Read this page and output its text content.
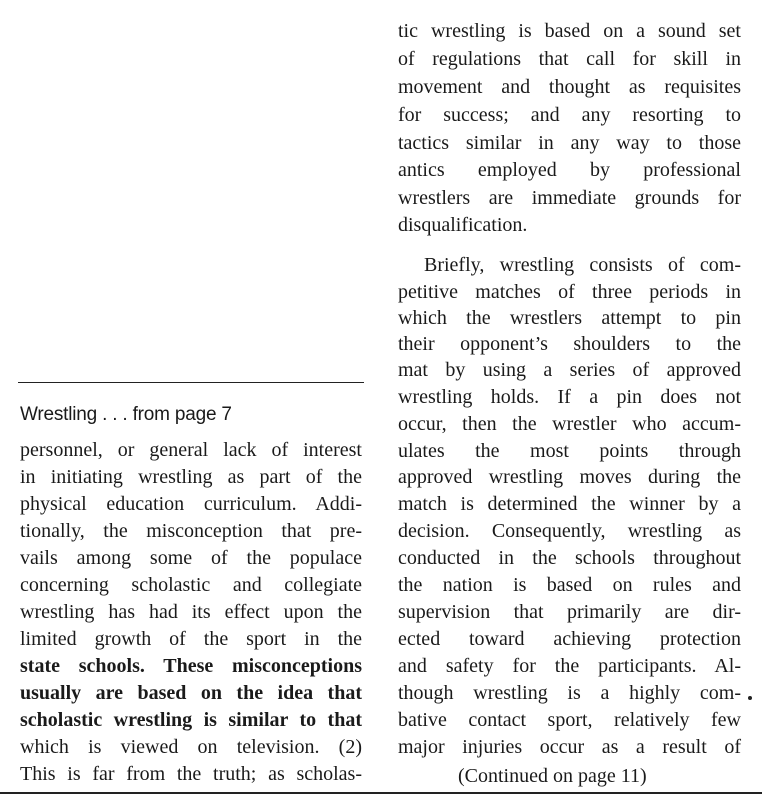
tic wrestling is based on a sound set
of regulations that call for skill in
movement and thought as requisites
for success; and any resorting to
tactics similar in any way to those
antics employed by professional
wrestlers are immediate grounds for
disqualification.
Briefly, wrestling consists of com-
petitive matches of three periods in
which the wrestlers attempt to pin
their opponent’s shoulders to the
mat by using a series of approved
wrestling holds. If a pin does not
occur, then the wrestler who accum-
ulates the most points through
approved wrestling moves during the
match is determined the winner by a
decision. Consequently, wrestling as
conducted in the schools throughout
the nation is based on rules and
supervision that primarily are dir-
ected toward achieving protection
and safety for the participants. Al-
though wrestling is a highly com-
bative contact sport, relatively few
major injuries occur as a result of
(Continued on page 11)
Wrestling . . . from page 7
personnel, or general lack of interest
in initiating wrestling as part of the
physical education curriculum. Addi-
tionally, the misconception that pre-
vails among some of the populace
concerning scholastic and collegiate
wrestling has had its effect upon the
limited growth of the sport in the
state schools. These misconceptions
usually are based on the idea that
scholastic wrestling is similar to that
which is viewed on television. (2)
This is far from the truth; as scholas-
